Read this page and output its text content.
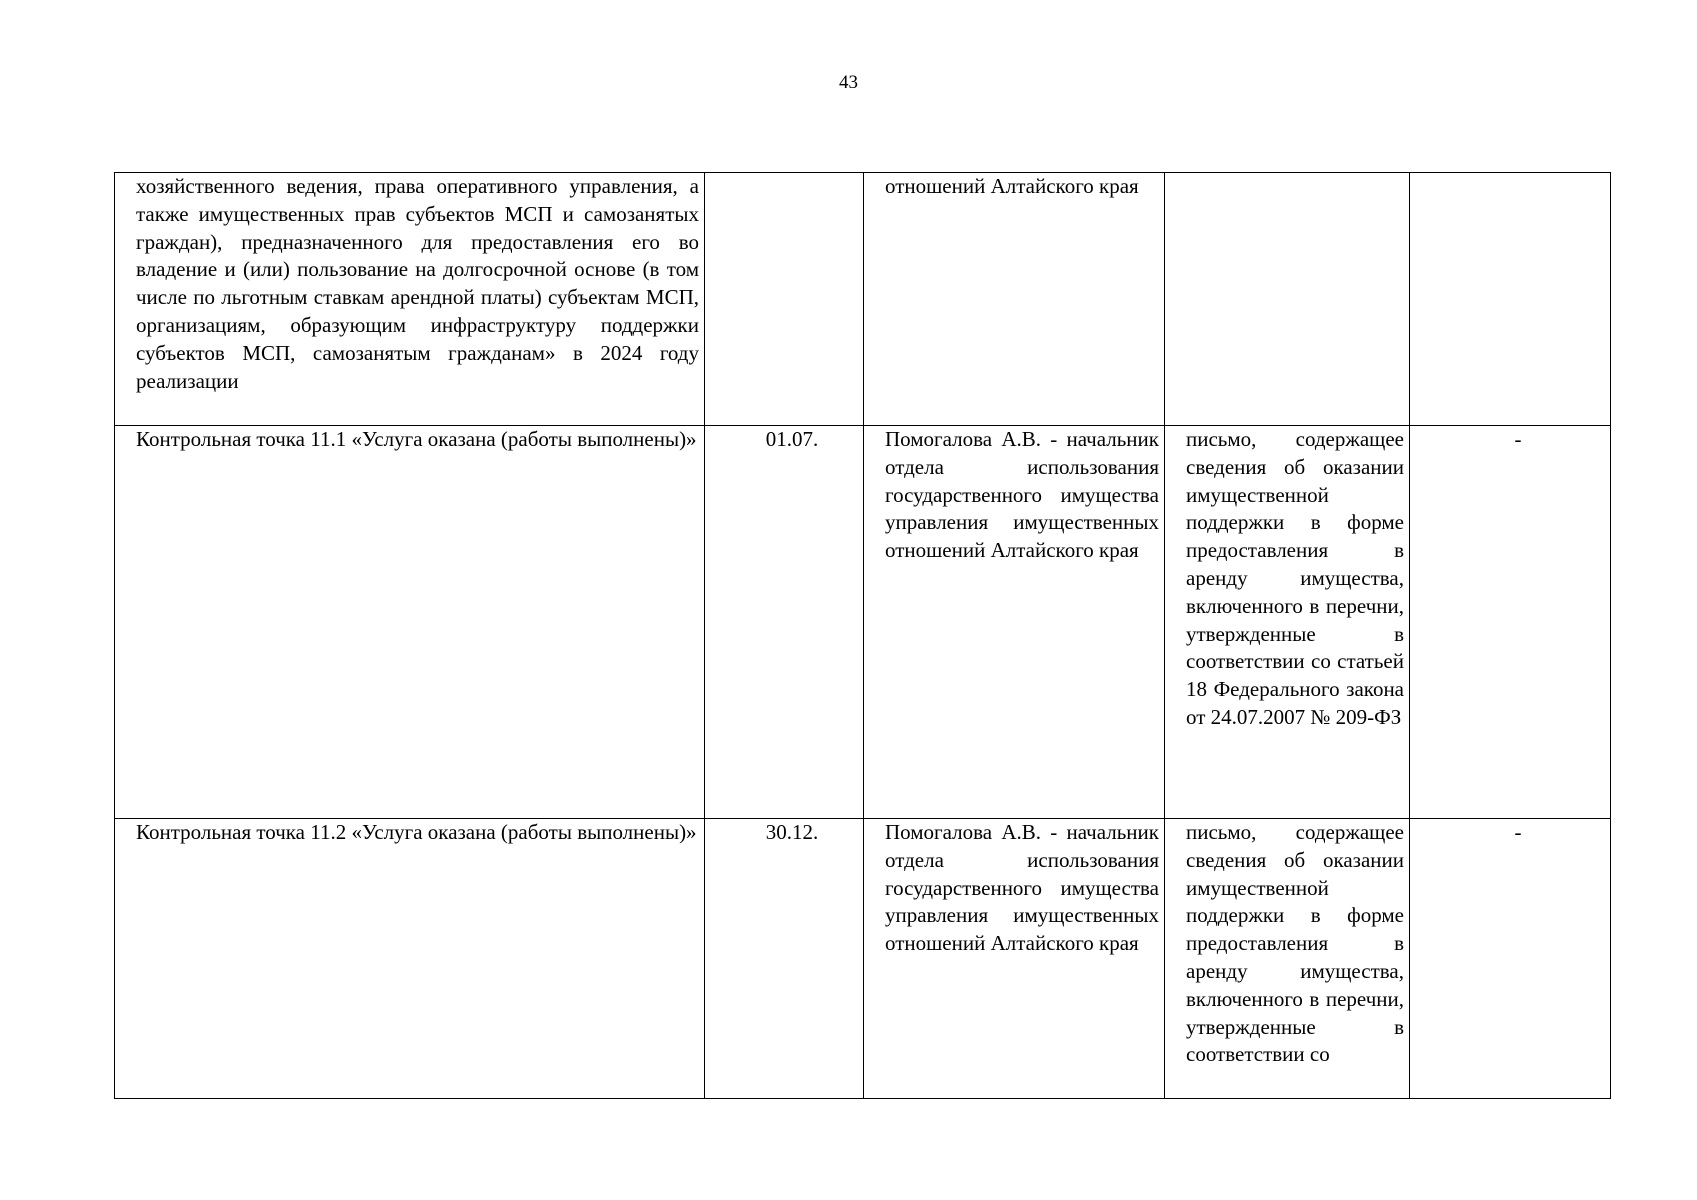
43
хозяйственного ведения, права оперативного управления, а также имущественных прав субъектов МСП и самозанятых граждан), предназначенного для предоставления его во владение и (или) пользование на долгосрочной основе (в том числе по льготным ставкам арендной платы) субъектам МСП, организациям, образующим инфраструктуру поддержки субъектов МСП, самозанятым гражданам» в 2024 году реализации		отношений Алтайского края		

Контрольная точка 11.1 «Услуга оказана (работы выполнены)»	01.07.	Помогалова А.В. - начальник отдела использования государственного имущества управления имущественных отношений Алтайского края	письмо, содержащее сведения об оказании имущественной поддержки в форме предоставления в аренду имущества, включенного в перечни, утвержденные в соответствии со статьей 18 Федерального закона от 24.07.2007 № 209-ФЗ	-

Контрольная точка 11.2 «Услуга оказана (работы выполнены)»	30.12.	Помогалова А.В. - начальник отдела использования государственного имущества управления имущественных отношений Алтайского края	письмо, содержащее сведения об оказании имущественной поддержки в форме предоставления в аренду имущества, включенного в перечни, утвержденные в соответствии со	-
